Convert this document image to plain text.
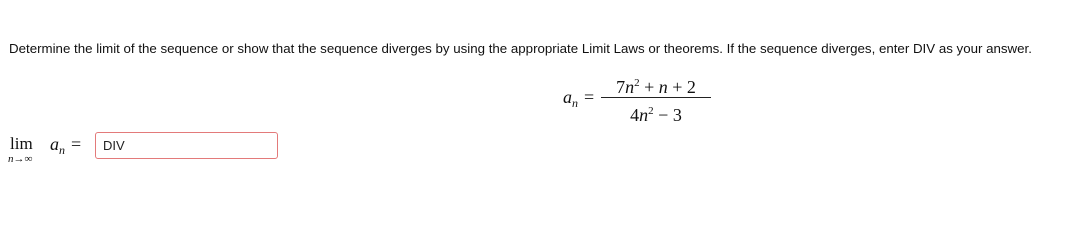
Determine the limit of the sequence or show that the sequence diverges by using the appropriate Limit Laws or theorems. If the sequence diverges, enter DIV as your answer.
$a_n$ =	$7n^2 + n + 2$
$4n^2 - 3$
lim
n→∞
$a_n$ =	DIV
